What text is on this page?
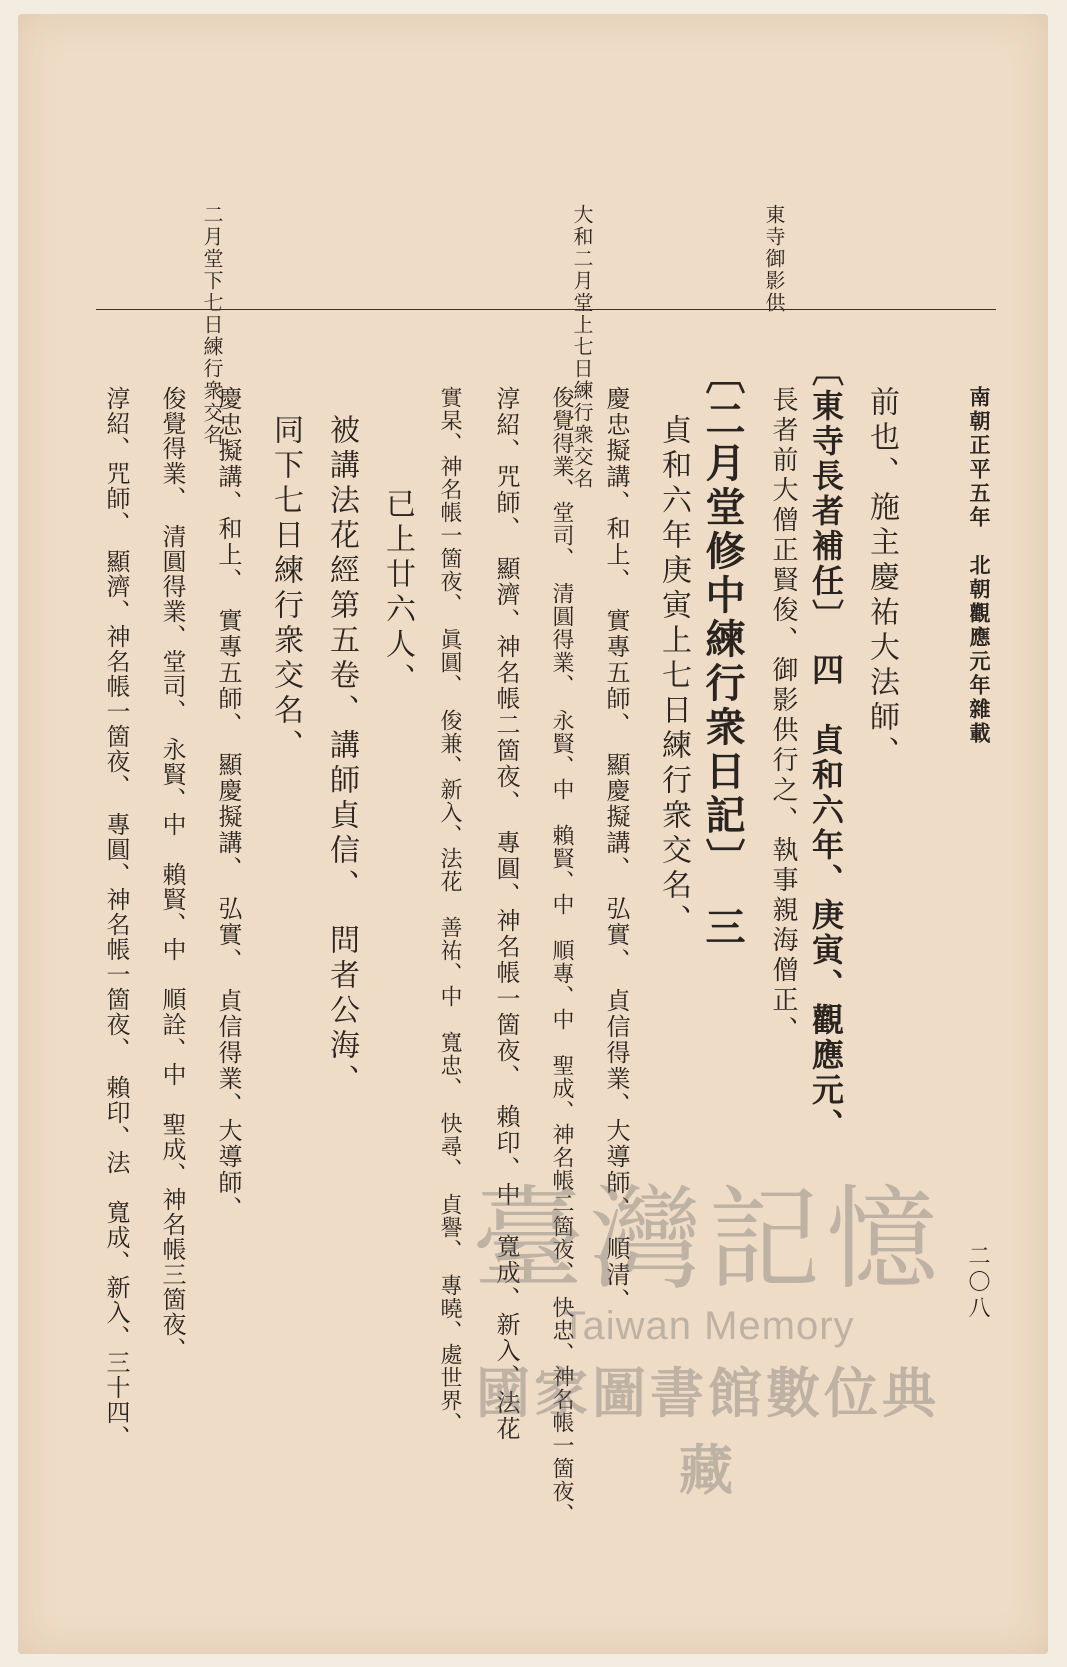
南朝正平五年　北朝觀應元年雜載
二〇八
東寺御影供
大和二月堂上七日練行衆交名
二月堂下七日練行衆交名
前也、施主慶祐大法師、
〔東寺長者補任〕　四　貞和六年、庚寅、觀應元、
長者前大僧正賢俊、御影供行之、執事親海僧正、
〔二月堂修中練行衆日記〕　三
貞和六年庚寅上七日練行衆交名、
慶忠擬講、和上、　實專五師、　顯慶擬講、　弘實、　貞信得業、大導師、　順清、
俊覺得業、堂司、　清圓得業、　永賢、中　賴賢、中　順專、中　聖成、神名帳二箇夜、　快忠、神名帳一箇夜、
淳紹、咒師、　顯濟、神名帳二箇夜、　專圓、神名帳一箇夜、　賴印、中　寬成、新入、法花
實杲、神名帳一箇夜、　眞圓、　俊兼、新入、法花　善祐、中　寬忠、　快尋、　貞譽、　專曉、處世界、
已上廿六人、
被講法花經第五卷、講師貞信、　問者公海、
同下七日練行衆交名、
慶忠擬講、和上、　實專五師、　顯慶擬講、　弘實、　貞信得業、大導師、
俊覺得業、　清圓得業、堂司、　永賢、中　賴賢、中　順詮、中　聖成、神名帳三箇夜、
淳紹、咒師、　顯濟、神名帳一箇夜、　專圓、神名帳一箇夜、　賴印、法　寬成、新入、三十四、	臺灣記憶
Taiwan Memory
國家圖書館數位典藏
